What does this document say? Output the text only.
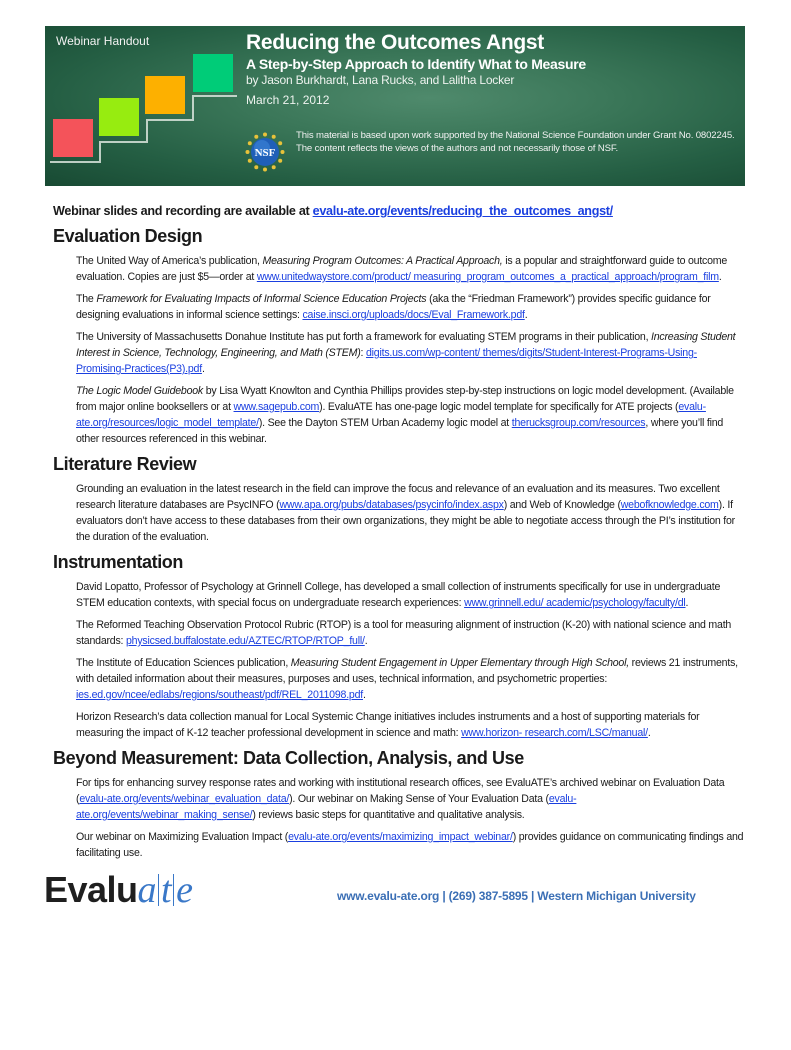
Webinar Handout	Reducing the Outcomes Angst
A Step-by-Step Approach to Identify What to Measure
by Jason Burkhardt, Lana Rucks, and Lalitha Locker
March 21, 2012
NSF
This material is based upon work supported by the National Science Foundation under Grant No. 0802245. The content reflects the views of the authors and not necessarily those of NSF.
Webinar slides and recording are available at evalu-ate.org/events/reducing_the_outcomes_angst/
Evaluation Design
The United Way of America’s publication, Measuring Program Outcomes: A Practical Approach, is a popular and straightforward guide to outcome evaluation. Copies are just $5—order at www.unitedwaystore.com/product/ measuring_program_outcomes_a_practical_approach/program_film.
The Framework for Evaluating Impacts of Informal Science Education Projects (aka the “Friedman Framework”) provides specific guidance for designing evaluations in informal science settings: caise.insci.org/uploads/docs/Eval_Framework.pdf.
The University of Massachusetts Donahue Institute has put forth a framework for evaluating STEM programs in their publication, Increasing Student Interest in Science, Technology, Engineering, and Math (STEM): digits.us.com/wp-content/ themes/digits/Student-Interest-Programs-Using-Promising-Practices(P3).pdf.
The Logic Model Guidebook by Lisa Wyatt Knowlton and Cynthia Phillips provides step-by-step instructions on logic model development. (Available from major online booksellers or at www.sagepub.com). EvaluATE has one-page logic model template for specifically for ATE projects (evalu-ate.org/resources/logic_model_template/). See the Dayton STEM Urban Academy logic model at therucksgroup.com/resources, where you’ll find other resources referenced in this webinar.
Literature Review
Grounding an evaluation in the latest research in the field can improve the focus and relevance of an evaluation and its measures. Two excellent research literature databases are PsycINFO (www.apa.org/pubs/databases/psycinfo/index.aspx) and Web of Knowledge (webofknowledge.com). If evaluators don’t have access to these databases from their own organizations, they might be able to negotiate access through the PI’s institution for the duration of the evaluation.
Instrumentation
David Lopatto, Professor of Psychology at Grinnell College, has developed a small collection of instruments specifically for use in undergraduate STEM education contexts, with special focus on undergraduate research experiences: www.grinnell.edu/ academic/psychology/faculty/dl.
The Reformed Teaching Observation Protocol Rubric (RTOP) is a tool for measuring alignment of instruction (K-20) with national science and math standards: physicsed.buffalostate.edu/AZTEC/RTOP/RTOP_full/.
The Institute of Education Sciences publication, Measuring Student Engagement in Upper Elementary through High School, reviews 21 instruments, with detailed information about their measures, purposes and uses, technical information, and psychometric properties: ies.ed.gov/ncee/edlabs/regions/southeast/pdf/REL_2011098.pdf.
Horizon Research’s data collection manual for Local Systemic Change initiatives includes instruments and a host of supporting materials for measuring the impact of K-12 teacher professional development in science and math: www.horizon- research.com/LSC/manual/.
Beyond Measurement: Data Collection, Analysis, and Use
For tips for enhancing survey response rates and working with institutional research offices, see EvaluATE’s archived webinar on Evaluation Data (evalu-ate.org/events/webinar_evaluation_data/). Our webinar on Making Sense of Your Evaluation Data (evalu-ate.org/events/webinar_making_sense/) reviews basic steps for quantitative and qualitative analysis.
Our webinar on Maximizing Evaluation Impact (evalu-ate.org/events/maximizing_impact_webinar/) provides guidance on communicating findings and facilitating use.
Evalua t e	www.evalu-ate.org | (269) 387-5895 | Western Michigan University
